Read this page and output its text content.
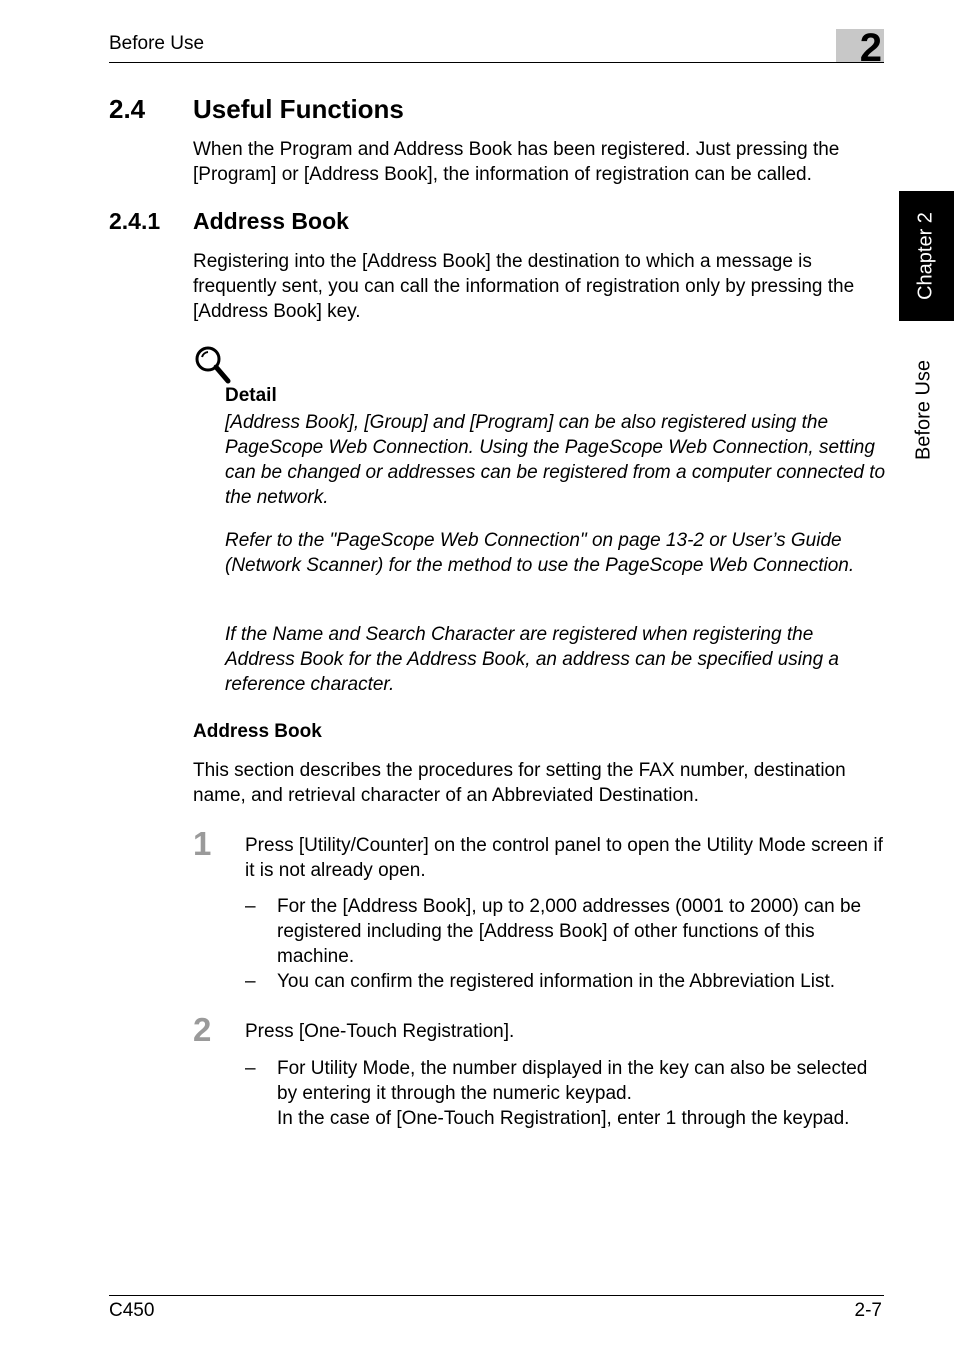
Before Use	2
Chapter 2
Before Use
2.4 Useful Functions
When the Program and Address Book has been registered. Just pressing the [Program] or [Address Book], the information of registration can be called.
2.4.1 Address Book
Registering into the [Address Book] the destination to which a message is frequently sent, you can call the information of registration only by pressing the [Address Book] key.
Detail
[Address Book], [Group] and [Program] can be also registered using the PageScope Web Connection. Using the PageScope Web Connection, setting can be changed or addresses can be registered from a computer connected to the network.
Refer to the "PageScope Web Connection" on page 13-2 or User’s Guide (Network Scanner) for the method to use the PageScope Web Connection.
If the Name and Search Character are registered when registering the Address Book for the Address Book, an address can be specified using a reference character.
Address Book
This section describes the procedures for setting the FAX number, destination name, and retrieval character of an Abbreviated Destination.
1 Press [Utility/Counter] on the control panel to open the Utility Mode screen if it is not already open.
– For the [Address Book], up to 2,000 addresses (0001 to 2000) can be registered including the [Address Book] of other functions of this machine.
– You can confirm the registered information in the Abbreviation List.
2 Press [One-Touch Registration].
– For Utility Mode, the number displayed in the key can also be selected by entering it through the numeric keypad.
In the case of [One-Touch Registration], enter 1 through the keypad.
C450	2-7
